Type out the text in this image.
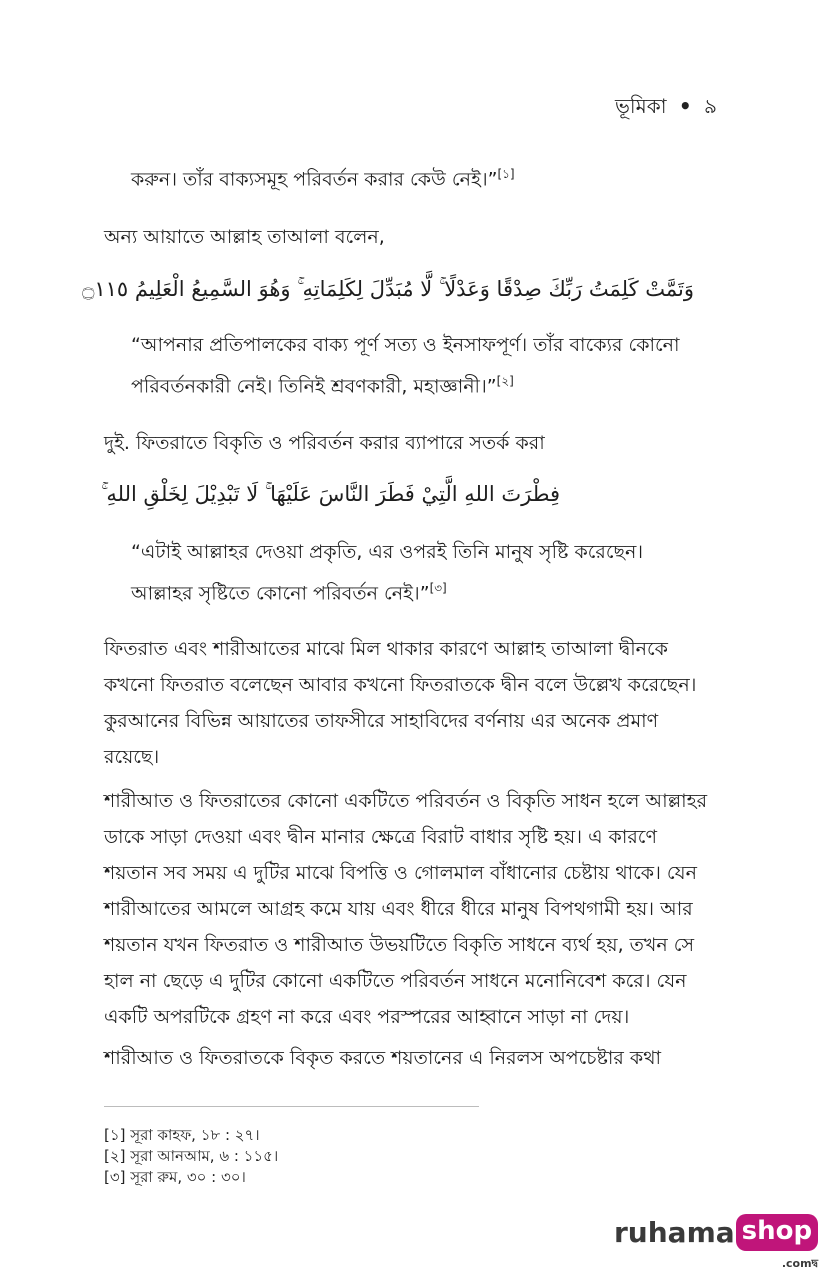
ভূমিকা • ৯
করুন। তাঁর বাক্যসমূহ পরিবর্তন করার কেউ নেই।”[১]
অন্য আয়াতে আল্লাহ তাআলা বলেন,
وَتَمَّتْ كَلِمَتُ رَبِّكَ صِدْقًا وَعَدْلًا ۚ لَّا مُبَدِّلَ لِكَلِمَاتِهِ ۚ وَهُوَ السَّمِيعُ الْعَلِيمُ ۝١١٥
“আপনার প্রতিপালকের বাক্য পূর্ণ সত্য ও ইনসাফপূর্ণ। তাঁর বাক্যের কোনো
পরিবর্তনকারী নেই। তিনিই শ্রবণকারী, মহাজ্ঞানী।”[২]
দুই. ফিতরাতে বিকৃতি ও পরিবর্তন করার ব্যাপারে সতর্ক করা
فِطْرَتَ اللهِ الَّتِيْ فَطَرَ النَّاسَ عَلَيْهَا ۚ لَا تَبْدِيْلَ لِخَلْقِ اللهِ ۚ
“এটাই আল্লাহর দেওয়া প্রকৃতি, এর ওপরই তিনি মানুষ সৃষ্টি করেছেন।
আল্লাহর সৃষ্টিতে কোনো পরিবর্তন নেই।”[৩]
ফিতরাত এবং শারীআতের মাঝে মিল থাকার কারণে আল্লাহ তাআলা দ্বীনকে
কখনো ফিতরাত বলেছেন আবার কখনো ফিতরাতকে দ্বীন বলে উল্লেখ করেছেন।
কুরআনের বিভিন্ন আয়াতের তাফসীরে সাহাবিদের বর্ণনায় এর অনেক প্রমাণ
রয়েছে।
শারীআত ও ফিতরাতের কোনো একটিতে পরিবর্তন ও বিকৃতি সাধন হলে আল্লাহর
ডাকে সাড়া দেওয়া এবং দ্বীন মানার ক্ষেত্রে বিরাট বাধার সৃষ্টি হয়। এ কারণে
শয়তান সব সময় এ দুটির মাঝে বিপত্তি ও গোলমাল বাঁধানোর চেষ্টায় থাকে। যেন
শারীআতের আমলে আগ্রহ কমে যায় এবং ধীরে ধীরে মানুষ বিপথগামী হয়। আর
শয়তান যখন ফিতরাত ও শারীআত উভয়টিতে বিকৃতি সাধনে ব্যর্থ হয়, তখন সে
হাল না ছেড়ে এ দুটির কোনো একটিতে পরিবর্তন সাধনে মনোনিবেশ করে। যেন
একটি অপরটিকে গ্রহণ না করে এবং পরস্পরের আহ্বানে সাড়া না দেয়।
শারীআত ও ফিতরাতকে বিকৃত করতে শয়তানের এ নিরলস অপচেষ্টার কথা
[১] সূরা কাহফ, ১৮ : ২৭।
[২] সূরা আনআম, ৬ : ১১৫।
[৩] সূরা রুম, ৩০ : ৩০।
ruhama shop
.comদ্ব
